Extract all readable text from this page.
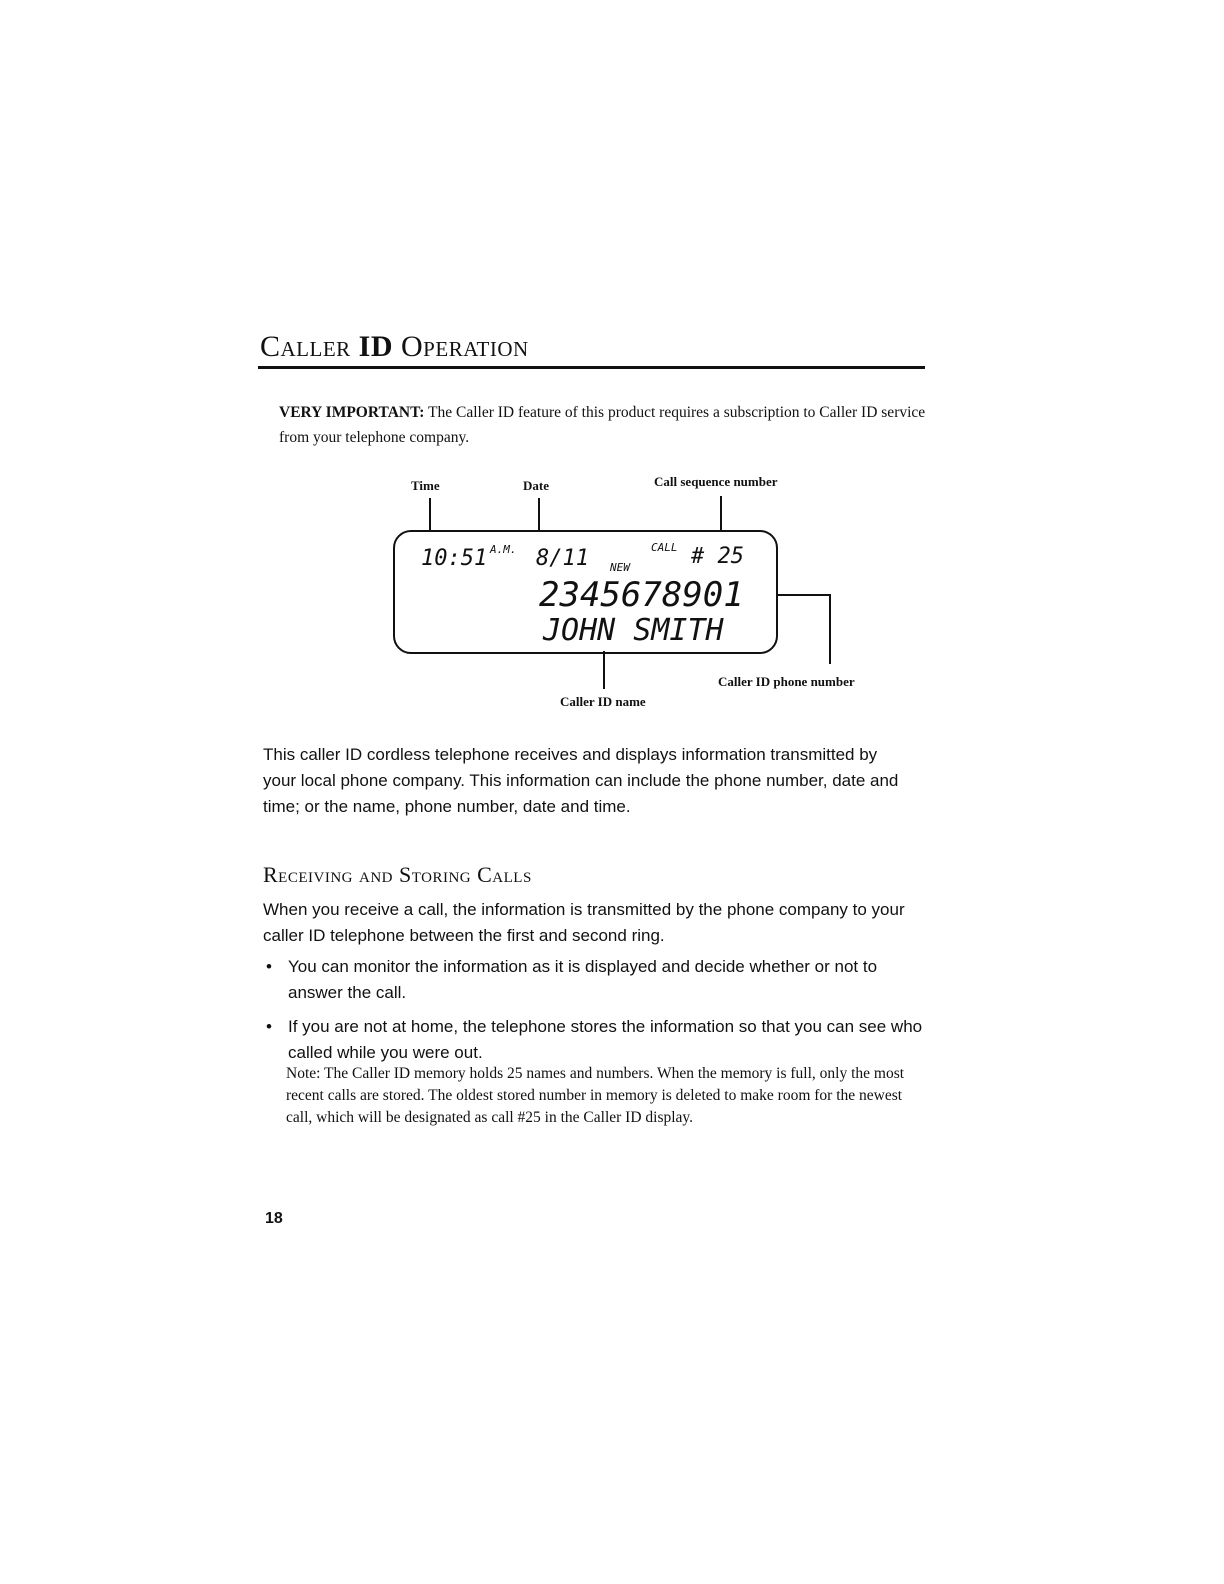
Caller ID Operation

VERY IMPORTANT: The Caller ID feature of this product requires a subscription to Caller ID service from your telephone company.

Time	Date	Call sequence number
10:51 A.M. 8/11 NEW
CALL # 25
2345678901
JOHN SMITH
Caller ID phone number
Caller ID name

This caller ID cordless telephone receives and displays information transmitted by your local phone company. This information can include the phone number, date and time; or the name, phone number, date and time.

Receiving and Storing Calls

When you receive a call, the information is transmitted by the phone company to your caller ID telephone between the first and second ring.

• You can monitor the information as it is displayed and decide whether or not to answer the call.
• If you are not at home, the telephone stores the information so that you can see who called while you were out.

Note: The Caller ID memory holds 25 names and numbers. When the memory is full, only the most recent calls are stored. The oldest stored number in memory is deleted to make room for the newest call, which will be designated as call #25 in the Caller ID display.

18
